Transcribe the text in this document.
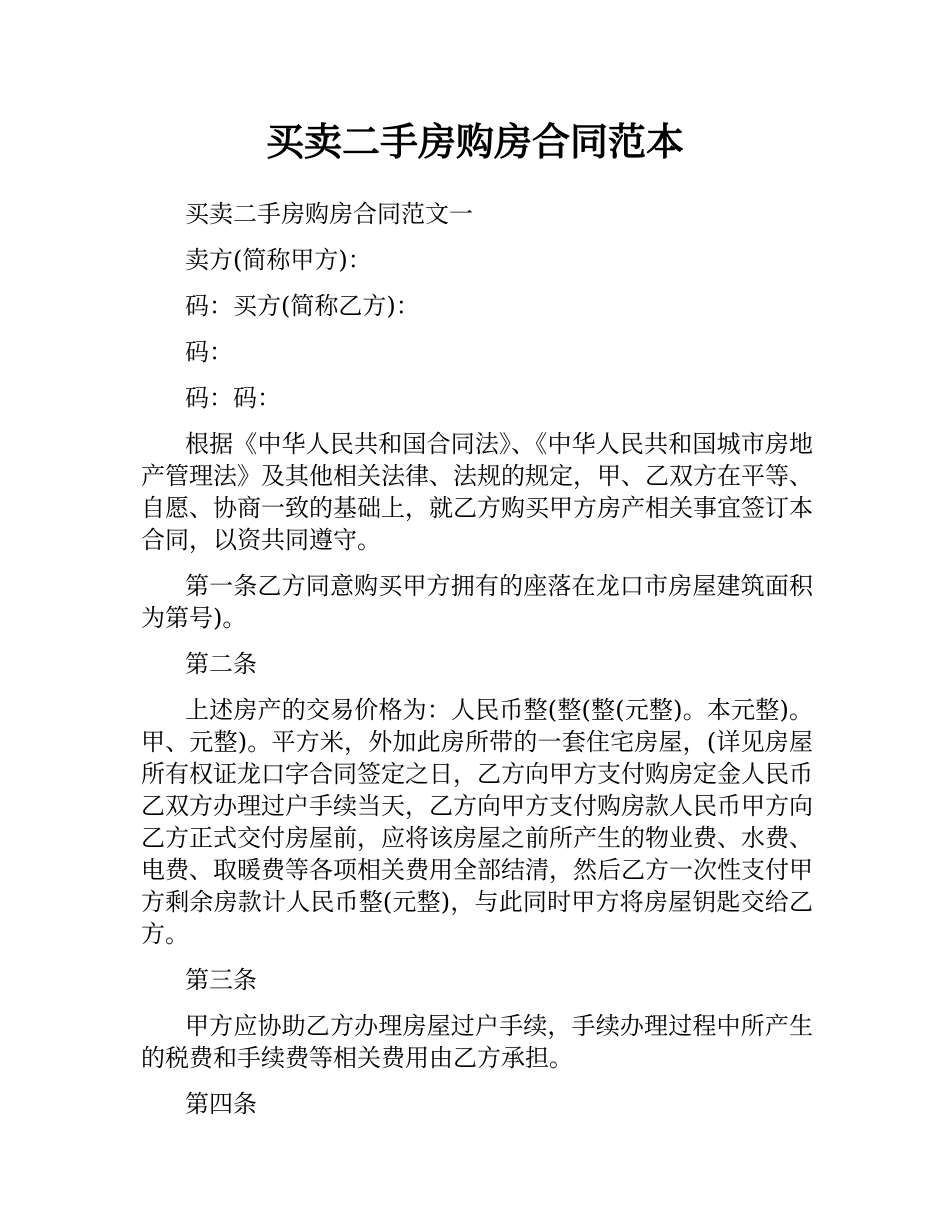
买卖二手房购房合同范本

买卖二手房购房合同范文一

卖方(简称甲方)：

码：买方(简称乙方)：

码：

码：码：

根据《中华人民共和国合同法》、《中华人民共和国城市房地产管理法》及其他相关法律、法规的规定，甲、乙双方在平等、自愿、协商一致的基础上，就乙方购买甲方房产相关事宜签订本合同，以资共同遵守。

第一条乙方同意购买甲方拥有的座落在龙口市房屋建筑面积为第号)。

第二条

上述房产的交易价格为：人民币整(整(整(元整)。本元整)。甲、元整)。平方米，外加此房所带的一套住宅房屋，(详见房屋所有权证龙口字合同签定之日，乙方向甲方支付购房定金人民币乙双方办理过户手续当天，乙方向甲方支付购房款人民币甲方向乙方正式交付房屋前，应将该房屋之前所产生的物业费、水费、电费、取暖费等各项相关费用全部结清，然后乙方一次性支付甲方剩余房款计人民币整(元整)，与此同时甲方将房屋钥匙交给乙方。

第三条

甲方应协助乙方办理房屋过户手续，手续办理过程中所产生的税费和手续费等相关费用由乙方承担。

第四条
